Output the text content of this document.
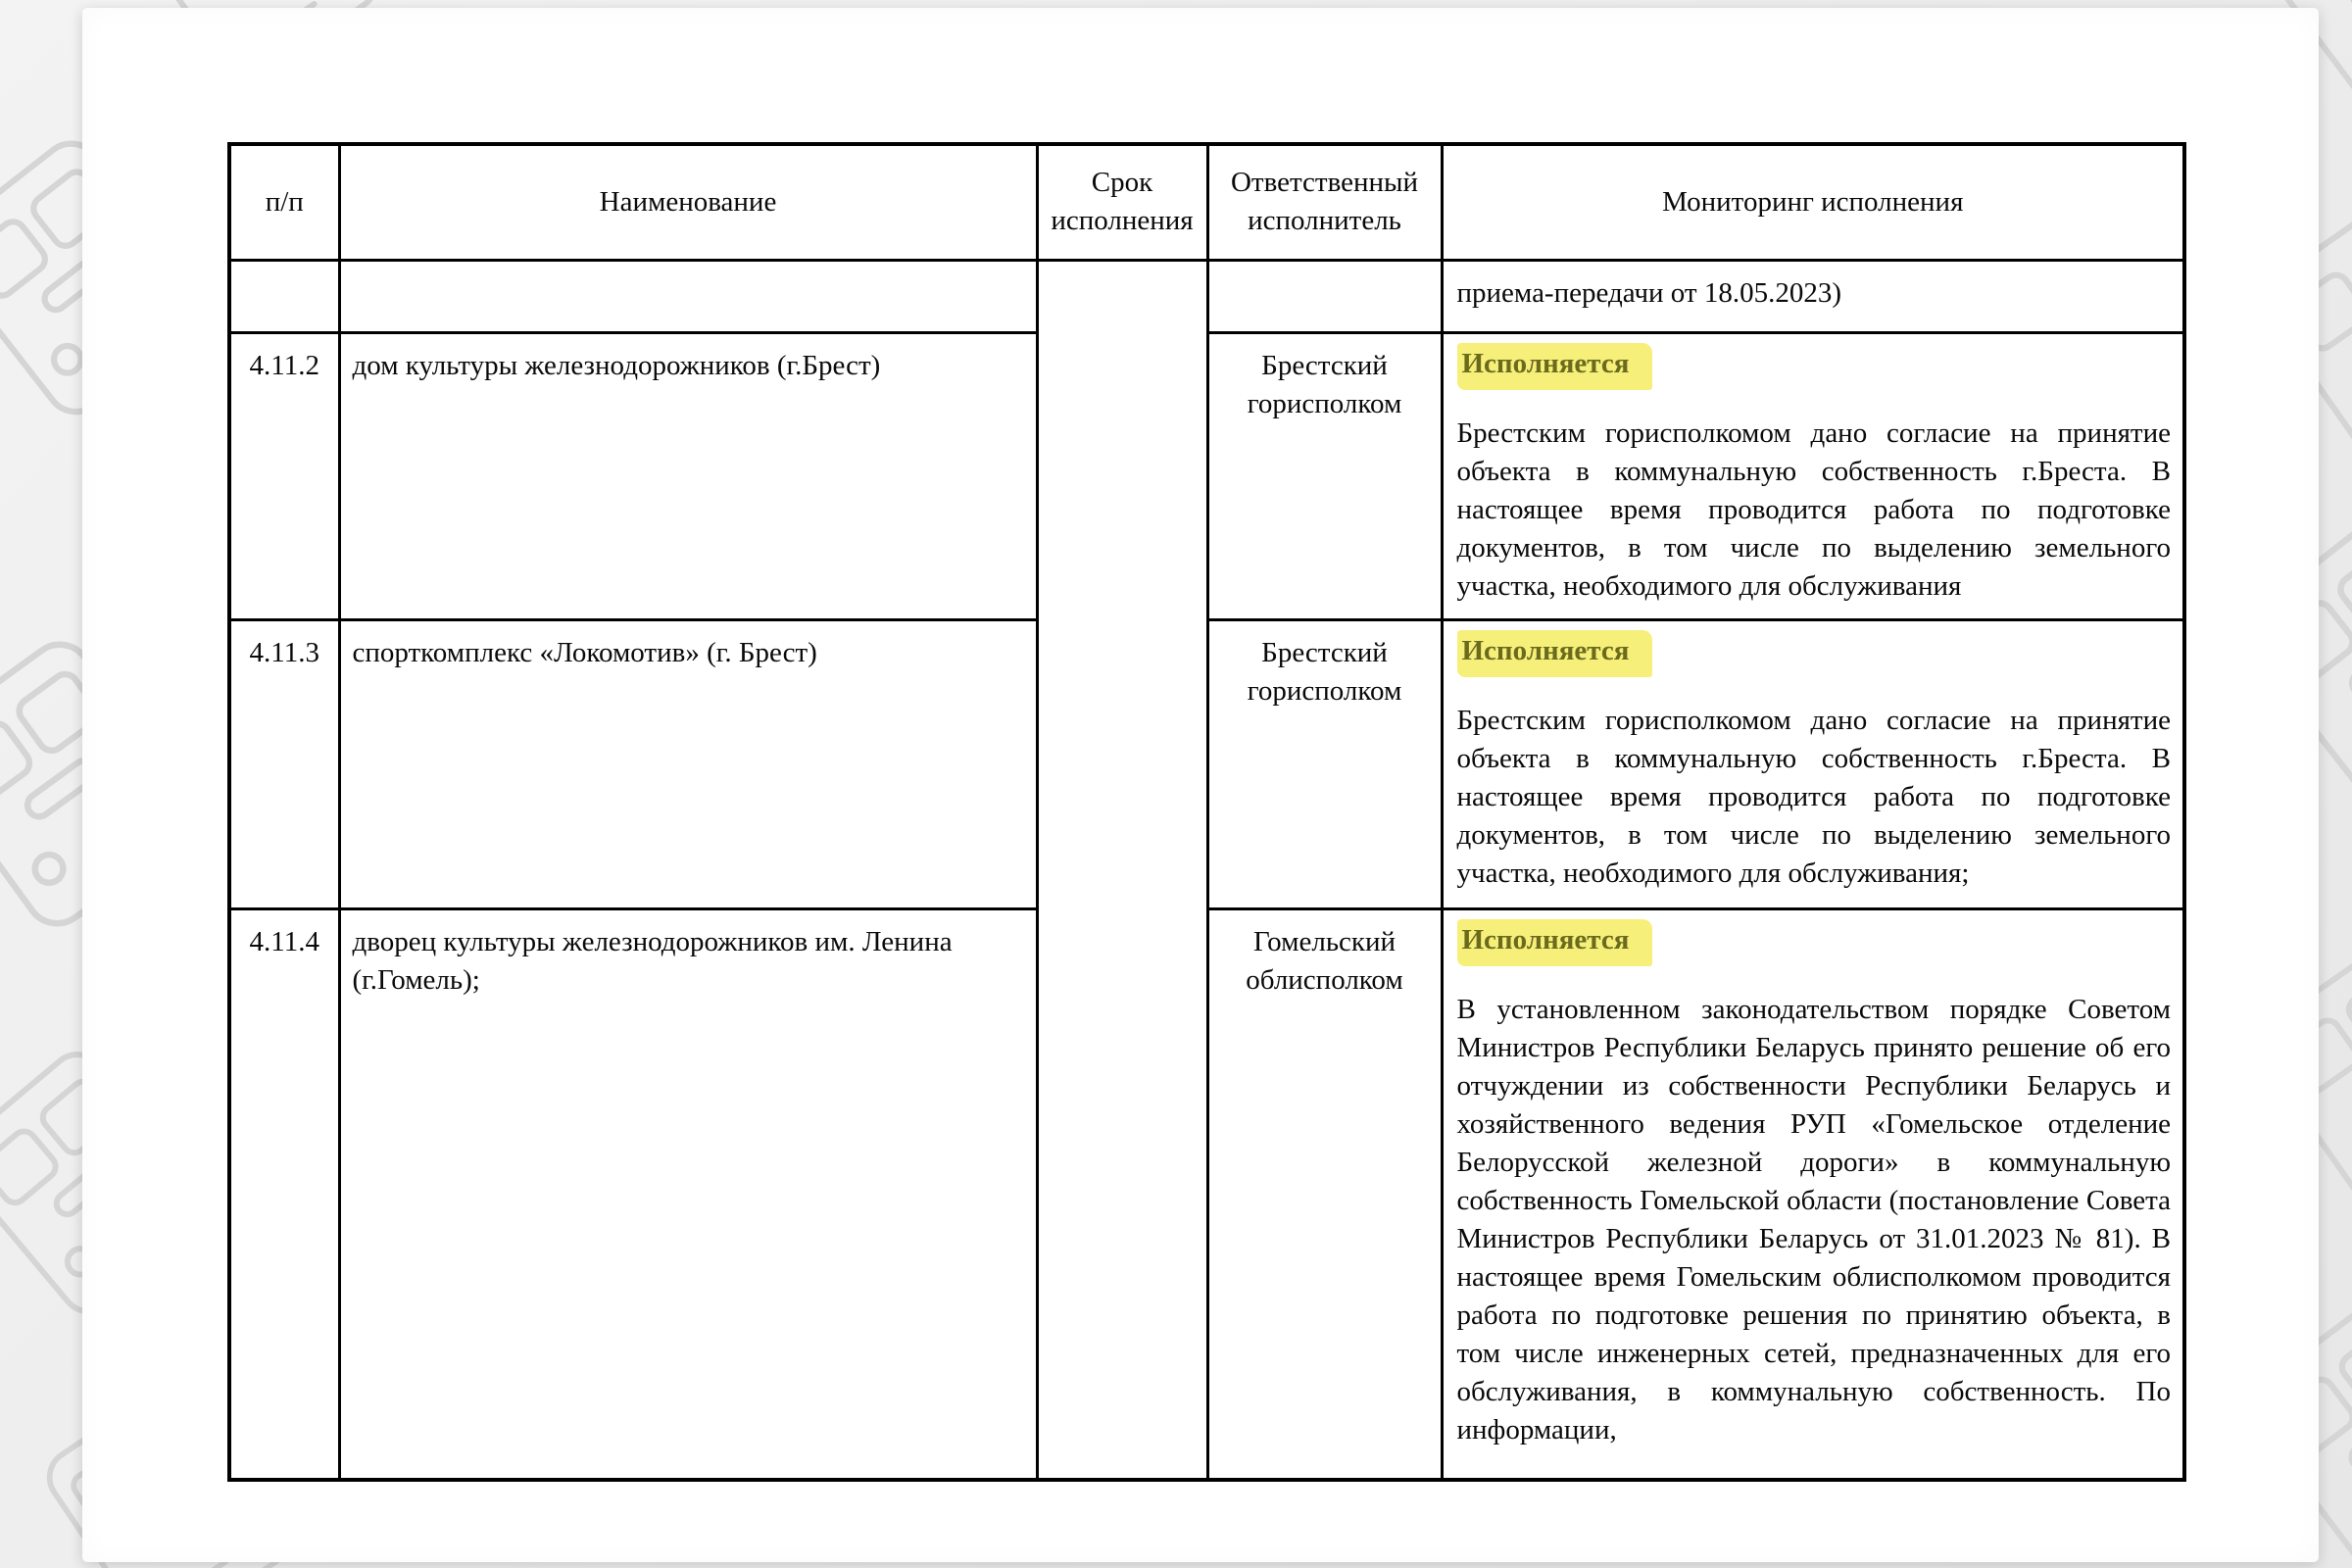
п/п	Наименование	Срок исполнения	Ответственный исполнитель	Мониторинг исполнения

				приема-передачи от 18.05.2023)

4.11.2	дом культуры железнодорожников (г.Брест)		Брестский горисполком	Исполняется

Брестским горисполкомом дано согласие на принятие объекта в коммунальную собственность г.Бреста. В настоящее время проводится работа по подготовке документов, в том числе по выделению земельного участка, необходимого для обслуживания

4.11.3	спорткомплекс «Локомотив» (г. Брест)		Брестский горисполком	Исполняется

Брестским горисполкомом дано согласие на принятие объекта в коммунальную собственность г.Бреста. В настоящее время проводится работа по подготовке документов, в том числе по выделению земельного участка, необходимого для обслуживания;

4.11.4	дворец культуры железнодорожников им. Ленина (г.Гомель);		Гомельский облисполком	Исполняется

В установленном законодательством порядке Советом Министров Республики Беларусь принято решение об его отчуждении из собственности Республики Беларусь и хозяйственного ведения РУП «Гомельское отделение Белорусской железной дороги» в коммунальную собственность Гомельской области (постановление Совета Министров Республики Беларусь от 31.01.2023 № 81). В настоящее время Гомельским облисполкомом проводится работа по подготовке решения по принятию объекта, в том числе инженерных сетей, предназначенных для его обслуживания, в коммунальную собственность. По информации,
